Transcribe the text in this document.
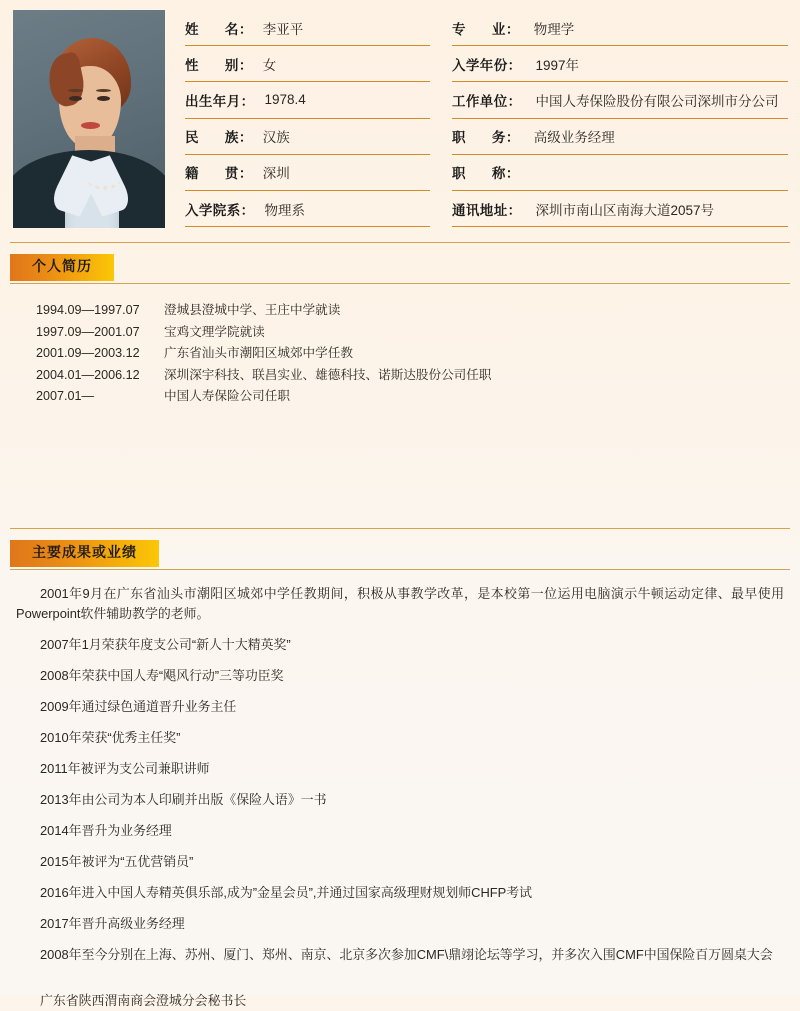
姓 名： 李亚平
性 别： 女
出生年月： 1978.4
民 族： 汉族
籍 贯： 深圳
入学院系： 物理系
专 业：	物理学
入学年份：	1997年
工作单位：	中国人寿保险股份有限公司深圳市分公司
职 务：	高级业务经理
职 称：
通讯地址：	深圳市南山区南海大道2057号
个人简历
1994.09—1997.07 澄城县澄城中学、王庄中学就读
1997.09—2001.07 宝鸡文理学院就读
2001.09—2003.12 广东省汕头市潮阳区城郊中学任教
2004.01—2006.12 深圳深宇科技、联昌实业、雄德科技、诺斯达股份公司任职
2007.01—	中国人寿保险公司任职
主要成果或业绩

2001年9月在广东省汕头市潮阳区城郊中学任教期间，积极从事教学改革，是本校第一位运用电脑演示牛顿运动定律、最早使用Powerpoint软件辅助教学的老师。

2007年1月荣获年度支公司“新人十大精英奖”

2008年荣获中国人寿“飓风行动”三等功臣奖

2009年通过绿色通道晋升业务主任

2010年荣获“优秀主任奖”

2011年被评为支公司兼职讲师

2013年由公司为本人印刷并出版《保险人语》一书

2014年晋升为业务经理

2015年被评为“五优营销员”

2016年进入中国人寿精英俱乐部,成为”金星会员”,并通过国家高级理财规划师CHFP考试

2017年晋升高级业务经理

2008年至今分别在上海、苏州、厦门、郑州、南京、北京多次参加CMF\鼎翊论坛等学习，并多次入围CMF中国保险百万圆桌大会

广东省陕西渭南商会澄城分会秘书长
